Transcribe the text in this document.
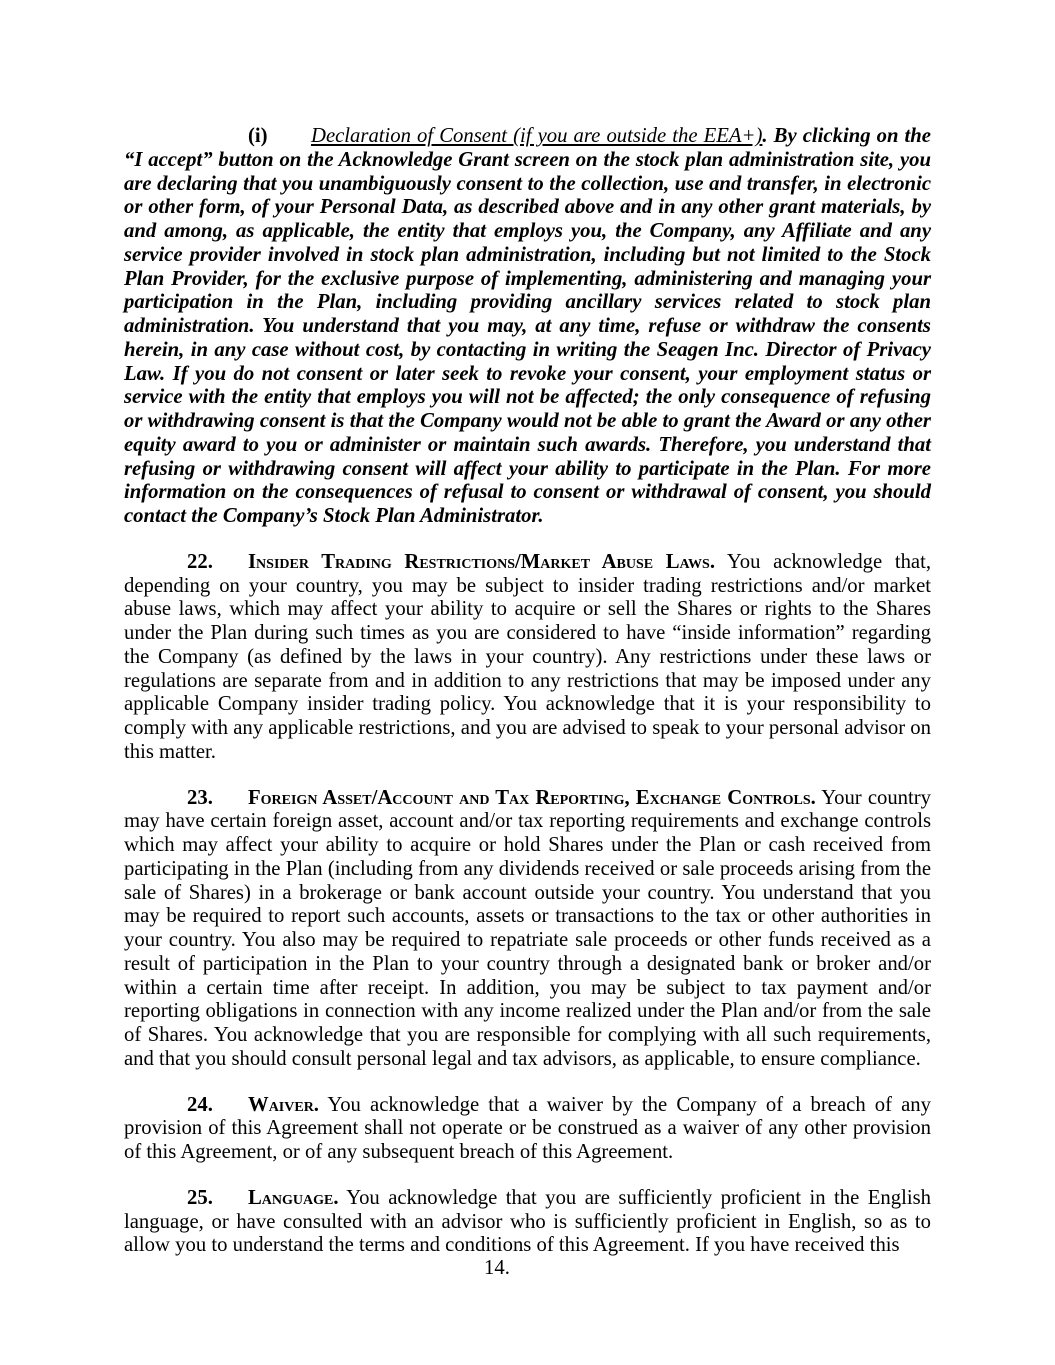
(i) Declaration of Consent (if you are outside the EEA+). By clicking on the “I accept” button on the Acknowledge Grant screen on the stock plan administration site, you are declaring that you unambiguously consent to the collection, use and transfer, in electronic or other form, of your Personal Data, as described above and in any other grant materials, by and among, as applicable, the entity that employs you, the Company, any Affiliate and any service provider involved in stock plan administration, including but not limited to the Stock Plan Provider, for the exclusive purpose of implementing, administering and managing your participation in the Plan, including providing ancillary services related to stock plan administration. You understand that you may, at any time, refuse or withdraw the consents herein, in any case without cost, by contacting in writing the Seagen Inc. Director of Privacy Law. If you do not consent or later seek to revoke your consent, your employment status or service with the entity that employs you will not be affected; the only consequence of refusing or withdrawing consent is that the Company would not be able to grant the Award or any other equity award to you or administer or maintain such awards. Therefore, you understand that refusing or withdrawing consent will affect your ability to participate in the Plan. For more information on the consequences of refusal to consent or withdrawal of consent, you should contact the Company’s Stock Plan Administrator.

22. Insider Trading Restrictions/Market Abuse Laws. You acknowledge that, depending on your country, you may be subject to insider trading restrictions and/or market abuse laws, which may affect your ability to acquire or sell the Shares or rights to the Shares under the Plan during such times as you are considered to have “inside information” regarding the Company (as defined by the laws in your country). Any restrictions under these laws or regulations are separate from and in addition to any restrictions that may be imposed under any applicable Company insider trading policy. You acknowledge that it is your responsibility to comply with any applicable restrictions, and you are advised to speak to your personal advisor on this matter.

23. Foreign Asset/Account and Tax Reporting, Exchange Controls. Your country may have certain foreign asset, account and/or tax reporting requirements and exchange controls which may affect your ability to acquire or hold Shares under the Plan or cash received from participating in the Plan (including from any dividends received or sale proceeds arising from the sale of Shares) in a brokerage or bank account outside your country. You understand that you may be required to report such accounts, assets or transactions to the tax or other authorities in your country. You also may be required to repatriate sale proceeds or other funds received as a result of participation in the Plan to your country through a designated bank or broker and/or within a certain time after receipt. In addition, you may be subject to tax payment and/or reporting obligations in connection with any income realized under the Plan and/or from the sale of Shares. You acknowledge that you are responsible for complying with all such requirements, and that you should consult personal legal and tax advisors, as applicable, to ensure compliance.

24. Waiver. You acknowledge that a waiver by the Company of a breach of any provision of this Agreement shall not operate or be construed as a waiver of any other provision of this Agreement, or of any subsequent breach of this Agreement.

25. Language. You acknowledge that you are sufficiently proficient in the English language, or have consulted with an advisor who is sufficiently proficient in English, so as to allow you to understand the terms and conditions of this Agreement. If you have received this

14.
